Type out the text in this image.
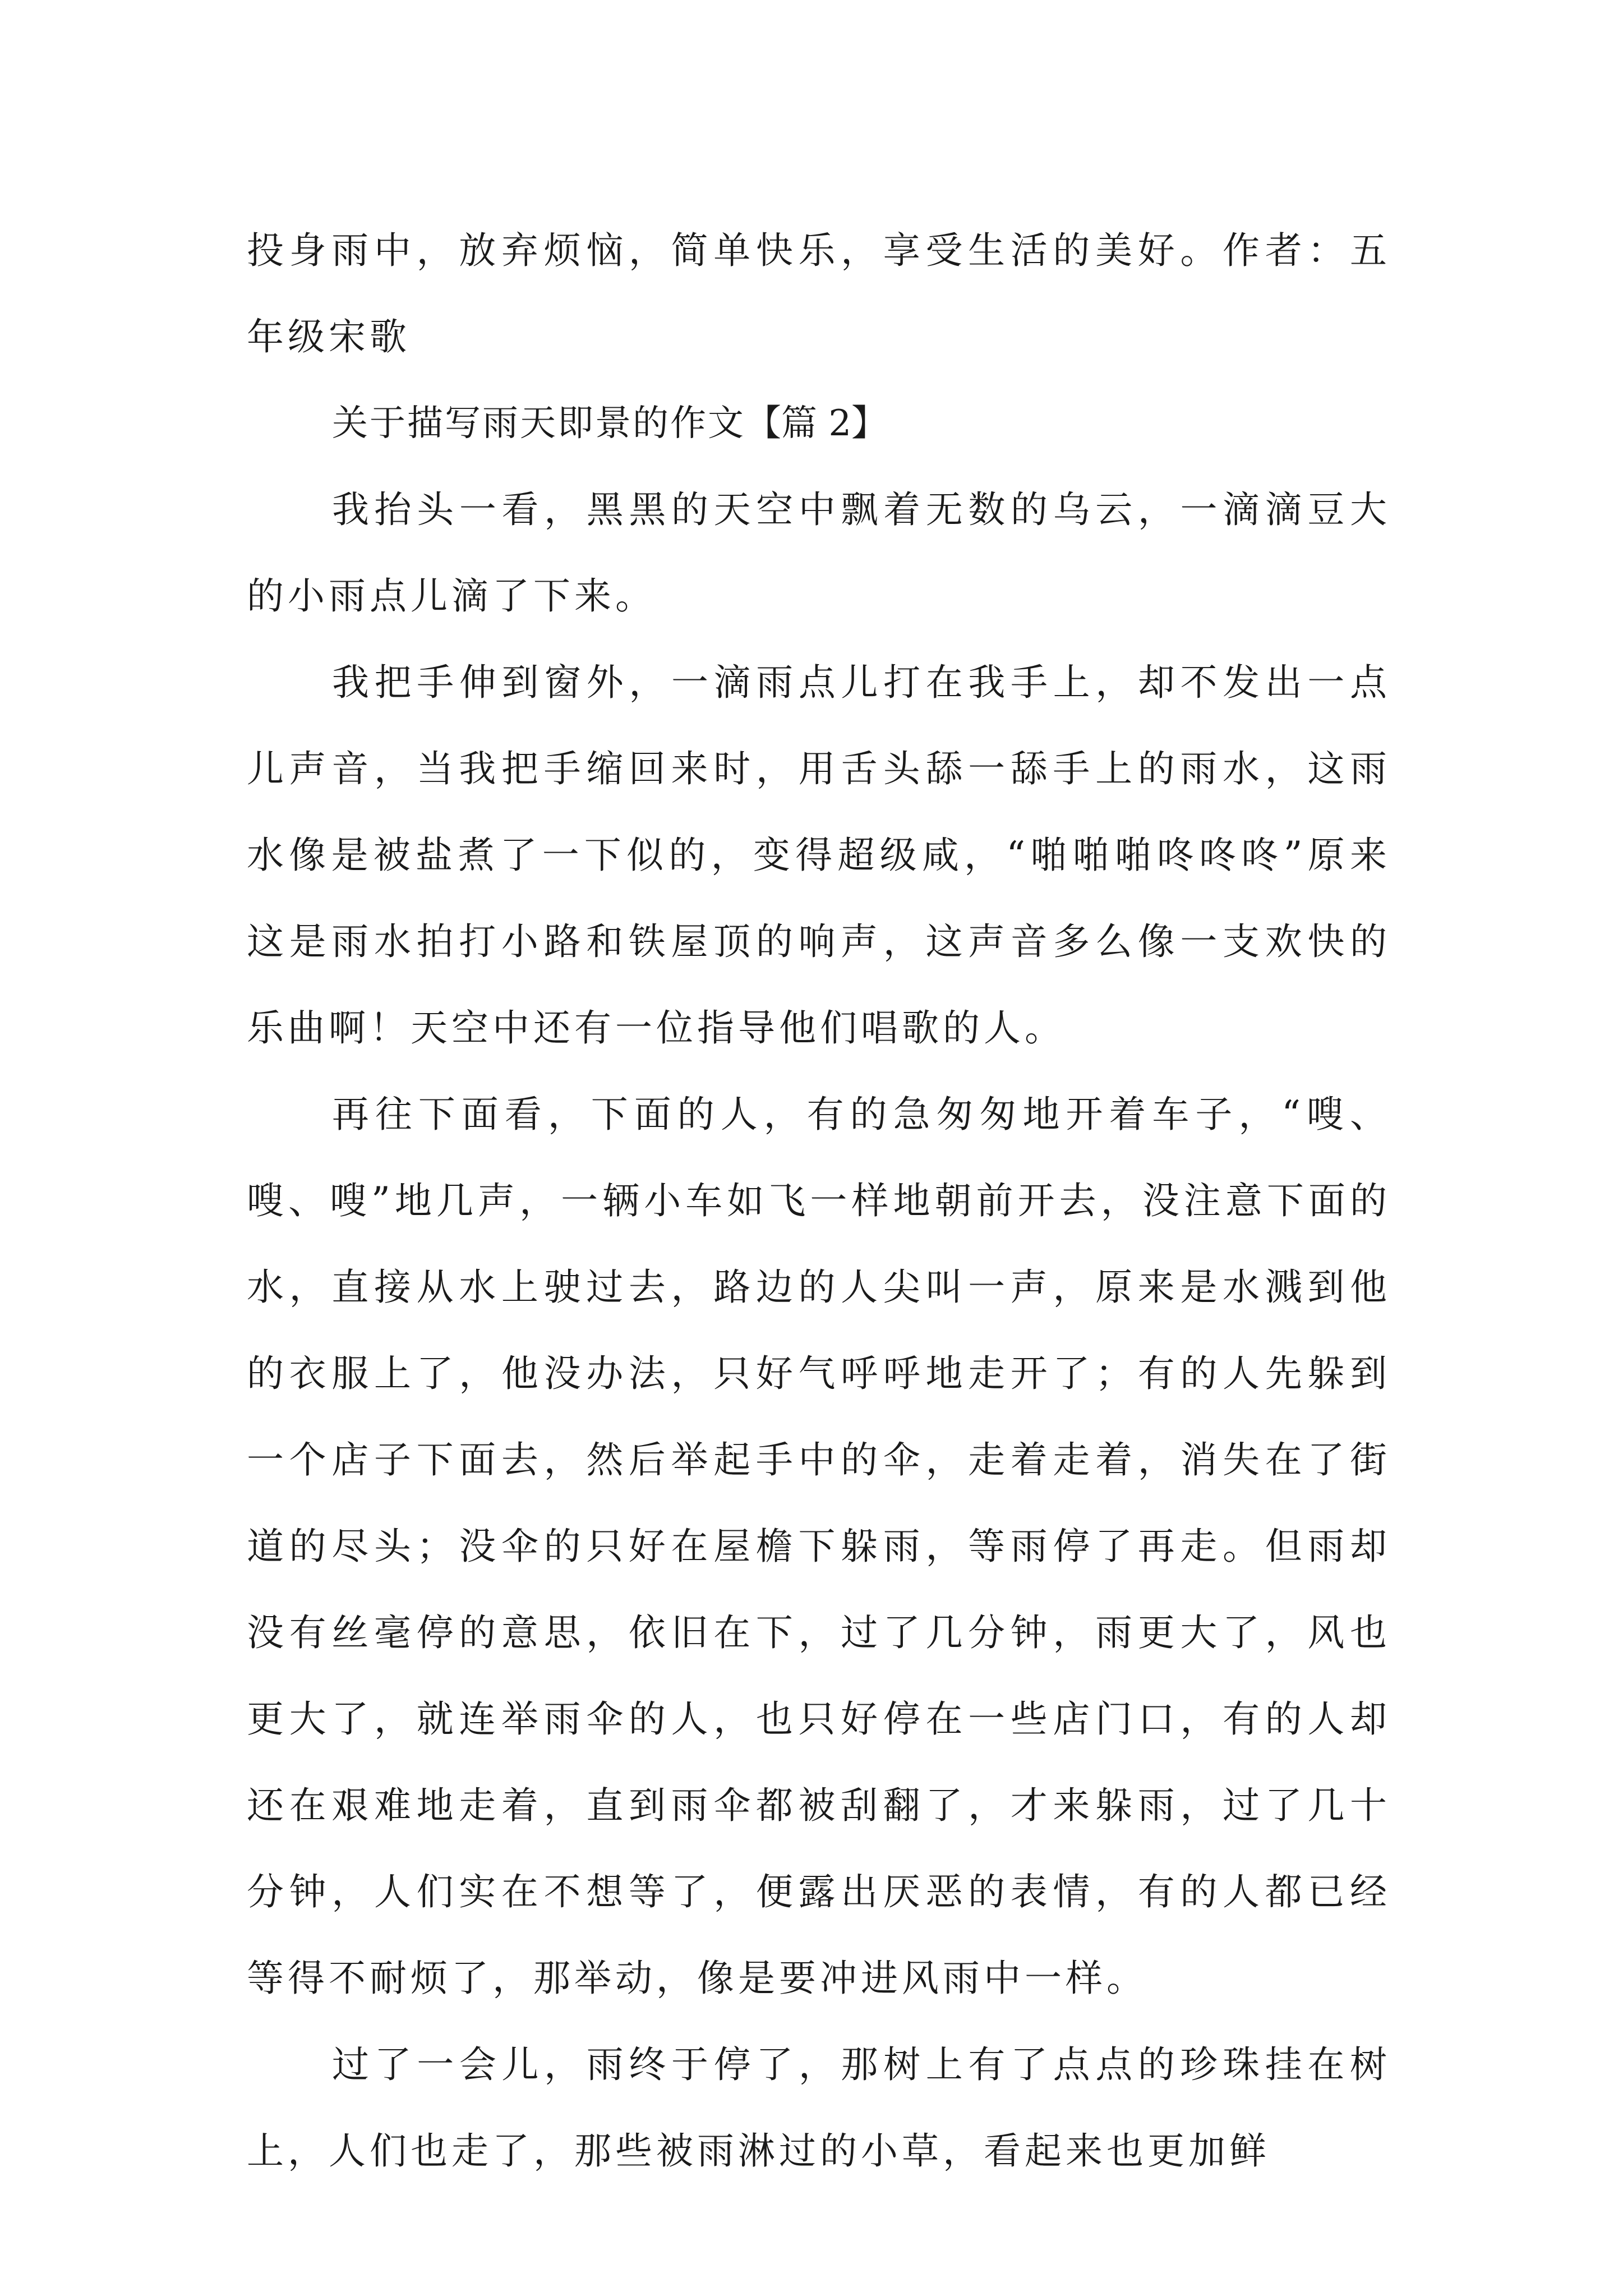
投身雨中，放弃烦恼，简单快乐，享受生活的美好。作者：五年级宋歌

关于描写雨天即景的作文【篇 2】

我抬头一看，黑黑的天空中飘着无数的乌云，一滴滴豆大的小雨点儿滴了下来。

我把手伸到窗外，一滴雨点儿打在我手上，却不发出一点儿声音，当我把手缩回来时，用舌头舔一舔手上的雨水，这雨水像是被盐煮了一下似的，变得超级咸，“啪啪啪咚咚咚”原来这是雨水拍打小路和铁屋顶的响声，这声音多么像一支欢快的乐曲啊！天空中还有一位指导他们唱歌的人。

再往下面看，下面的人，有的急匆匆地开着车子，“嗖、嗖、嗖”地几声，一辆小车如飞一样地朝前开去，没注意下面的水，直接从水上驶过去，路边的人尖叫一声，原来是水溅到他的衣服上了，他没办法，只好气呼呼地走开了；有的人先躲到一个店子下面去，然后举起手中的伞，走着走着，消失在了街道的尽头；没伞的只好在屋檐下躲雨，等雨停了再走。但雨却没有丝毫停的意思，依旧在下，过了几分钟，雨更大了，风也更大了，就连举雨伞的人，也只好停在一些店门口，有的人却还在艰难地走着，直到雨伞都被刮翻了，才来躲雨，过了几十分钟，人们实在不想等了，便露出厌恶的表情，有的人都已经等得不耐烦了，那举动，像是要冲进风雨中一样。

过了一会儿，雨终于停了，那树上有了点点的珍珠挂在树上，人们也走了，那些被雨淋过的小草，看起来也更加鲜
